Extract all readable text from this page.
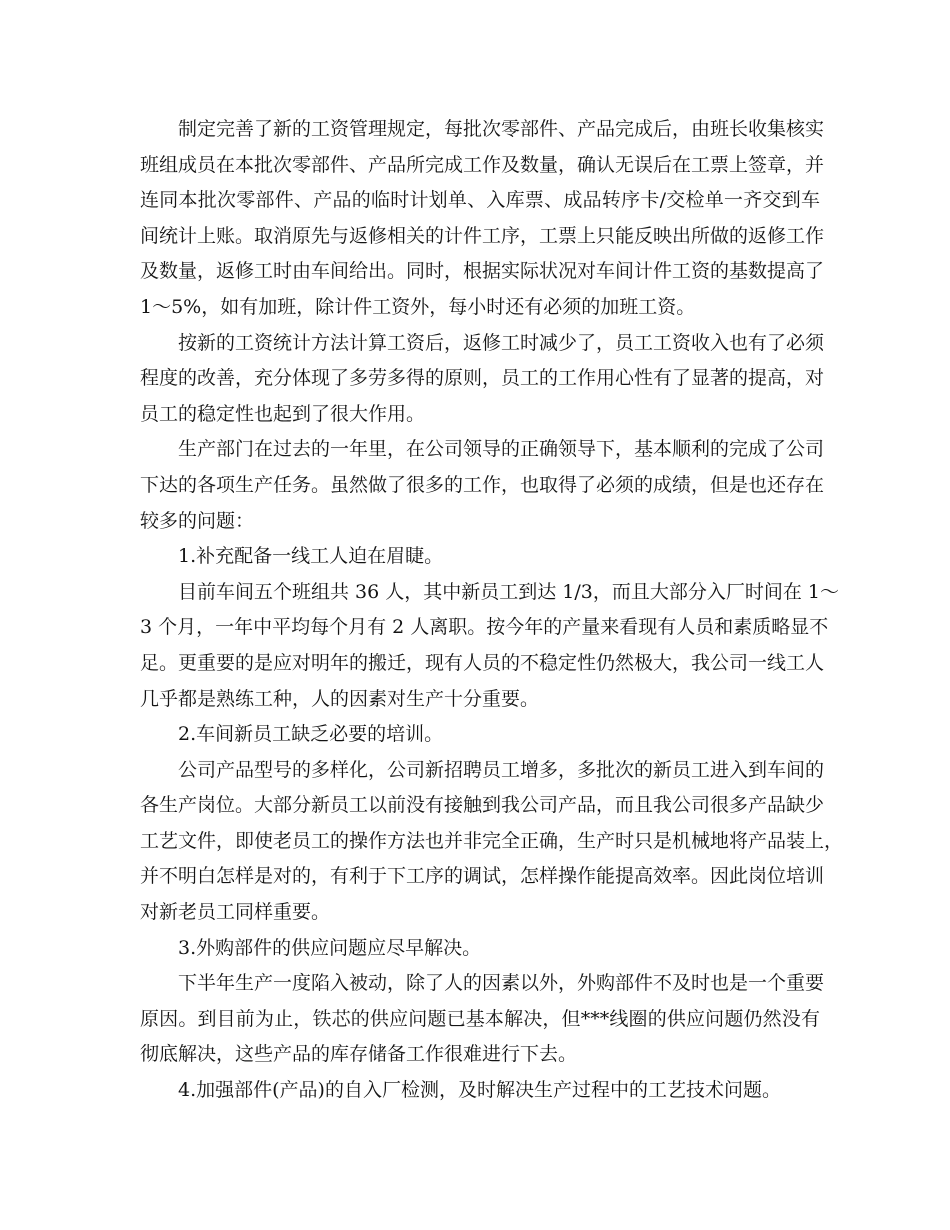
制定完善了新的工资管理规定，每批次零部件、产品完成后，由班长收集核实
班组成员在本批次零部件、产品所完成工作及数量，确认无误后在工票上签章，并
连同本批次零部件、产品的临时计划单、入库票、成品转序卡/交检单一齐交到车
间统计上账。取消原先与返修相关的计件工序，工票上只能反映出所做的返修工作
及数量，返修工时由车间给出。同时，根据实际状况对车间计件工资的基数提高了
1～5%，如有加班，除计件工资外，每小时还有必须的加班工资。
按新的工资统计方法计算工资后，返修工时减少了，员工工资收入也有了必须
程度的改善，充分体现了多劳多得的原则，员工的工作用心性有了显著的提高，对
员工的稳定性也起到了很大作用。
生产部门在过去的一年里，在公司领导的正确领导下，基本顺利的完成了公司
下达的各项生产任务。虽然做了很多的工作，也取得了必须的成绩，但是也还存在
较多的问题：
1.补充配备一线工人迫在眉睫。
目前车间五个班组共 36 人，其中新员工到达 1/3，而且大部分入厂时间在 1～
3 个月，一年中平均每个月有 2 人离职。按今年的产量来看现有人员和素质略显不
足。更重要的是应对明年的搬迁，现有人员的不稳定性仍然极大，我公司一线工人
几乎都是熟练工种，人的因素对生产十分重要。
2.车间新员工缺乏必要的培训。
公司产品型号的多样化，公司新招聘员工增多，多批次的新员工进入到车间的
各生产岗位。大部分新员工以前没有接触到我公司产品，而且我公司很多产品缺少
工艺文件，即使老员工的操作方法也并非完全正确，生产时只是机械地将产品装上，
并不明白怎样是对的，有利于下工序的调试，怎样操作能提高效率。因此岗位培训
对新老员工同样重要。
3.外购部件的供应问题应尽早解决。
下半年生产一度陷入被动，除了人的因素以外，外购部件不及时也是一个重要
原因。到目前为止，铁芯的供应问题已基本解决，但***线圈的供应问题仍然没有
彻底解决，这些产品的库存储备工作很难进行下去。
4.加强部件(产品)的自入厂检测，及时解决生产过程中的工艺技术问题。
